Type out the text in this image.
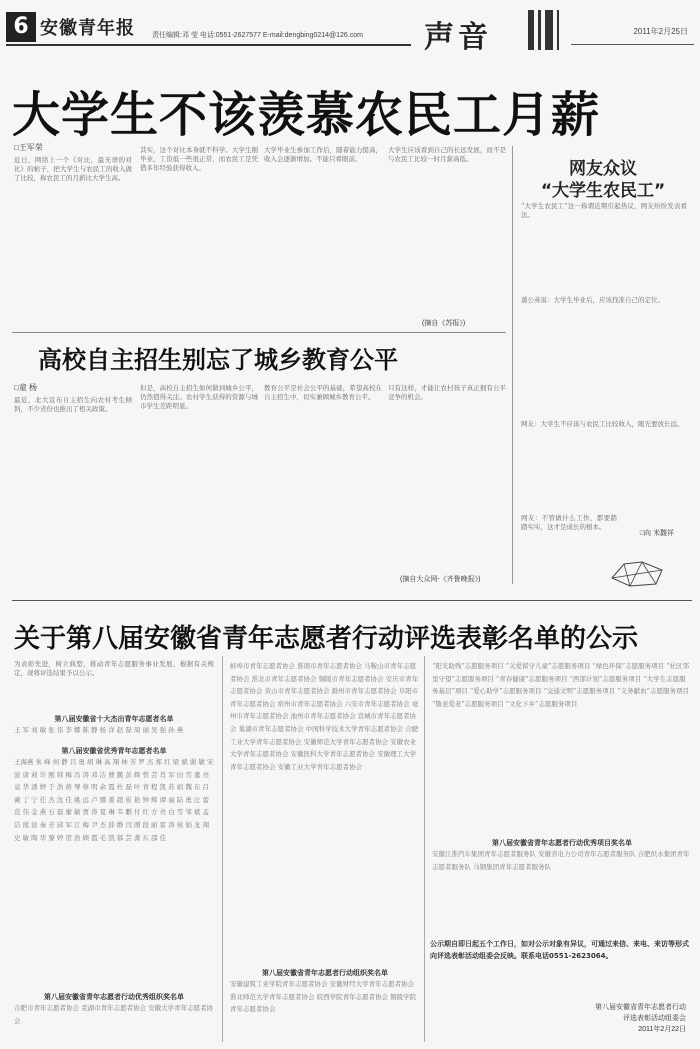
6 安徽青年报 责任编辑:邓 莹 电话:0551-2627577 E-mail:dengbing0214@126.com 声音	2011年2月25日
大学生不该羡慕农民工月薪
□王军荣
近日，网络上一个《对比，最无语的对比》的帖子，把大学生与农民工的收入做了比较，称农民工的月薪比大学生高。
其实，这个对比本身就不科学。大学生刚毕业，工资低一些很正常，而农民工是凭借多年经验获得收入。
大学毕业生参加工作后，随着能力提高，收入会逐渐增加。不能只看眼前。
大学生应该看到自己的长远发展，而不是与农民工比较一时月薪高低。
(摘自《苏报》)
高校自主招生别忘了城乡教育公平
□童 杨
最近，北大宣布自主招生向农村考生倾斜，不少省份也推出了相关政策。
但是，高校自主招生如何做到城乡公平，仍然值得关注。农村学生获得的资源与城市学生差距明显。
教育公平是社会公平的基础，希望高校在自主招生中，切实兼顾城乡教育公平。
只有这样，才能让农村孩子真正拥有公平竞争的机会。
(摘自大众网-《齐鲁晚报》)
网友众议
“大学生农民工”
“大学生农民工”这一称谓近期引起热议，网友纷纷发表看法。
蒲公英说：大学生毕业后，应该找准自己的定位。
网友：大学生不应该与农民工比较收入，眼光要放长远。
网友：不管做什么工作，都要踏踏实实，这才是成长的根本。
□向 米馥祥
关于第八届安徽省青年志愿者行动评选表彰名单的公示
为表彰先进，树立典型，推动青年志愿服务事业发展，根据有关规定，现将评选结果予以公示。
第八届安徽省十大杰出青年志愿者名单
王 军 刘 敏 张 伟 李 娜 陈 静 杨 洋 赵 磊 周 丽 吴 强 孙 燕
第八届安徽省优秀青年志愿者名单
王海燕 朱 峰 何 静 吕 勇 胡 琳 高 翔 林 芳 罗 杰 郑 红 梁 斌 谢 敏 宋 波 唐 莉 许 刚 韩 梅 冯 涛 邓 洁 曹 鹏 彭 辉 曾 芸 肖 军 田 雪 董 亮 袁 华 潘 婷 于 浩 蒋 琴 蔡 明 余 霞 杜 磊 叶 青 程 凯 苏 娟 魏 东 吕 薇 丁 宁 任 杰 沈 佳 姚 远 卢 娜 姜 超 崔 艳 钟 辉 谭 丽 陆 勇 汪 蕾 范 伟 金 燕 石 磊 廖 敏 贾 涛 夏 琳 韦 鹏 付 红 方 亮 白 雪 邹 斌 孟 洁 熊 波 秦 芳 邱 军 江 梅 尹 杰 薛 静 闫 刚 段 丽 雷 涛 侯 娟 龙 翔 史 敏 陶 华 黎 婷 贺 浩 顾 霞 毛 凯 郝 芸 龚 东 邵 佳
第八届安徽省青年志愿者行动优秀组织奖名单
合肥市青年志愿者协会 芜湖市青年志愿者协会 安徽大学青年志愿者协会
蚌埠市青年志愿者协会 淮南市青年志愿者协会 马鞍山市青年志愿者协会 淮北市青年志愿者协会 铜陵市青年志愿者协会 安庆市青年志愿者协会 黄山市青年志愿者协会 滁州市青年志愿者协会 阜阳市青年志愿者协会 宿州市青年志愿者协会 六安市青年志愿者协会 亳州市青年志愿者协会 池州市青年志愿者协会 宣城市青年志愿者协会 巢湖市青年志愿者协会 中国科学技术大学青年志愿者协会 合肥工业大学青年志愿者协会 安徽师范大学青年志愿者协会 安徽农业大学青年志愿者协会 安徽医科大学青年志愿者协会 安徽理工大学青年志愿者协会 安徽工业大学青年志愿者协会
第八届安徽省青年志愿者行动组织奖名单
安徽建筑工业学院青年志愿者协会 安徽财经大学青年志愿者协会 淮北师范大学青年志愿者协会 皖西学院青年志愿者协会 铜陵学院青年志愿者协会
“阳光助残”志愿服务项目 “关爱留守儿童”志愿服务项目 “绿色环保”志愿服务项目 “社区邻里守望”志愿服务项目 “青春健康”志愿服务项目 “西部计划”志愿服务项目 “大学生志愿服务基层”项目 “爱心助学”志愿服务项目 “交通文明”志愿服务项目 “义务献血”志愿服务项目 “敬老爱老”志愿服务项目 “文化下乡”志愿服务项目
第八届安徽省青年志愿者行动优秀项目奖名单
安徽江淮汽车集团青年志愿者服务队 安徽省电力公司青年志愿者服务队 合肥供水集团青年志愿者服务队 马钢集团青年志愿者服务队
公示期自即日起五个工作日，如对公示对象有异议，可通过来信、来电、来访等形式向评选表彰活动组委会反映。联系电话0551-2623064。
第八届安徽省青年志愿者行动
评选表彰活动组委会
2011年2月22日
